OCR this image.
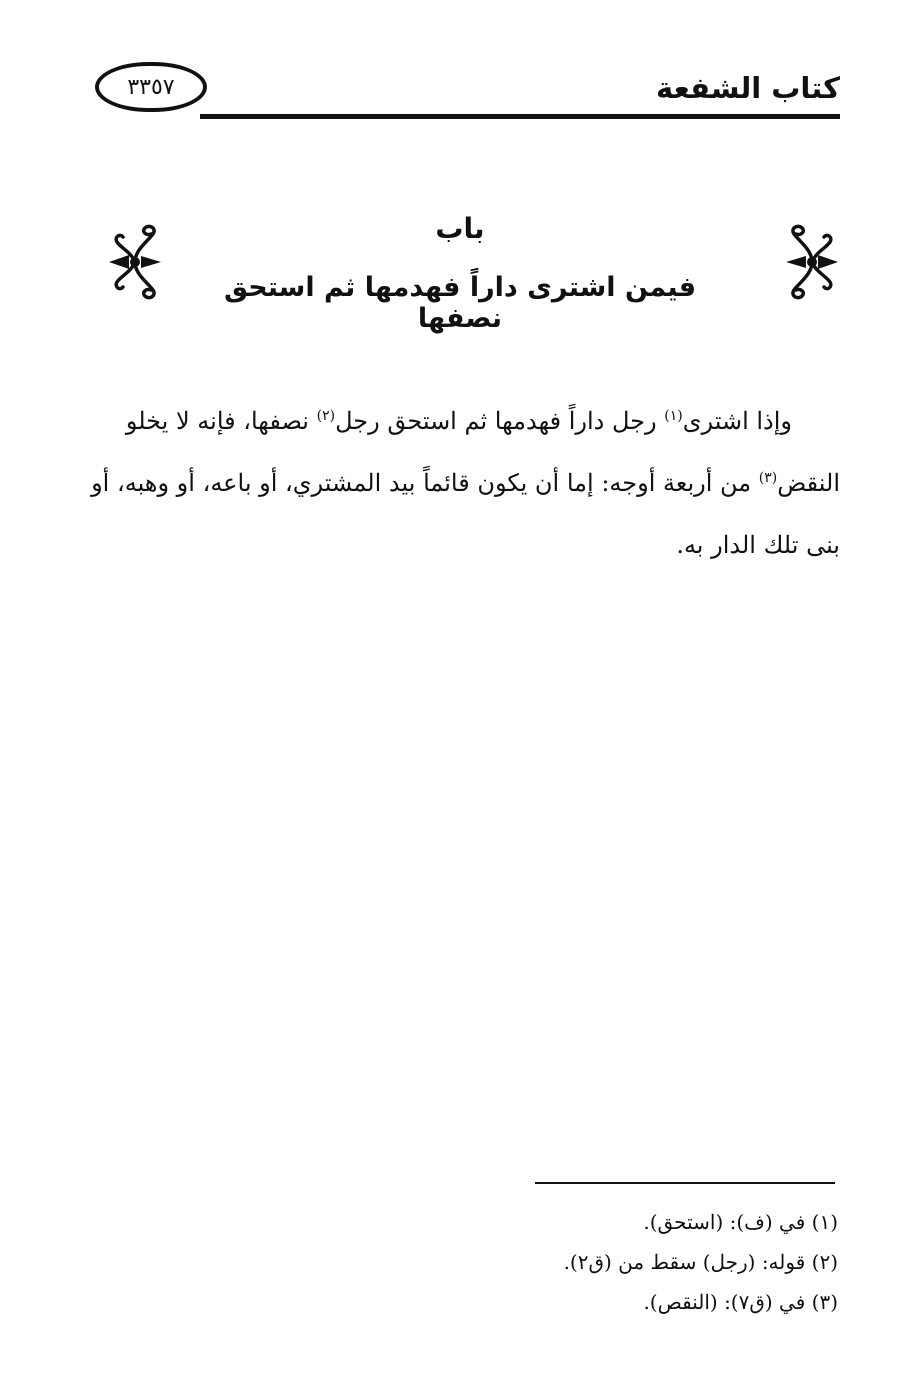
٣٣٥٧	كتاب الشفعة
باب
فيمن اشترى داراً فهدمها ثم استحق نصفها
وإذا اشترى$^{(١)}$ رجل داراً فهدمها ثم استحق رجل$^{(٢)}$ نصفها، فإنه لا يخلو
النقض$^{(٣)}$ من أربعة أوجه: إما أن يكون قائماً بيد المشتري، أو باعه، أو وهبه، أو
بنى تلك الدار به.
(١) في (ف): (استحق).
(٢) قوله: (رجل) سقط من (ق٢).
(٣) في (ق٧): (النقص).
